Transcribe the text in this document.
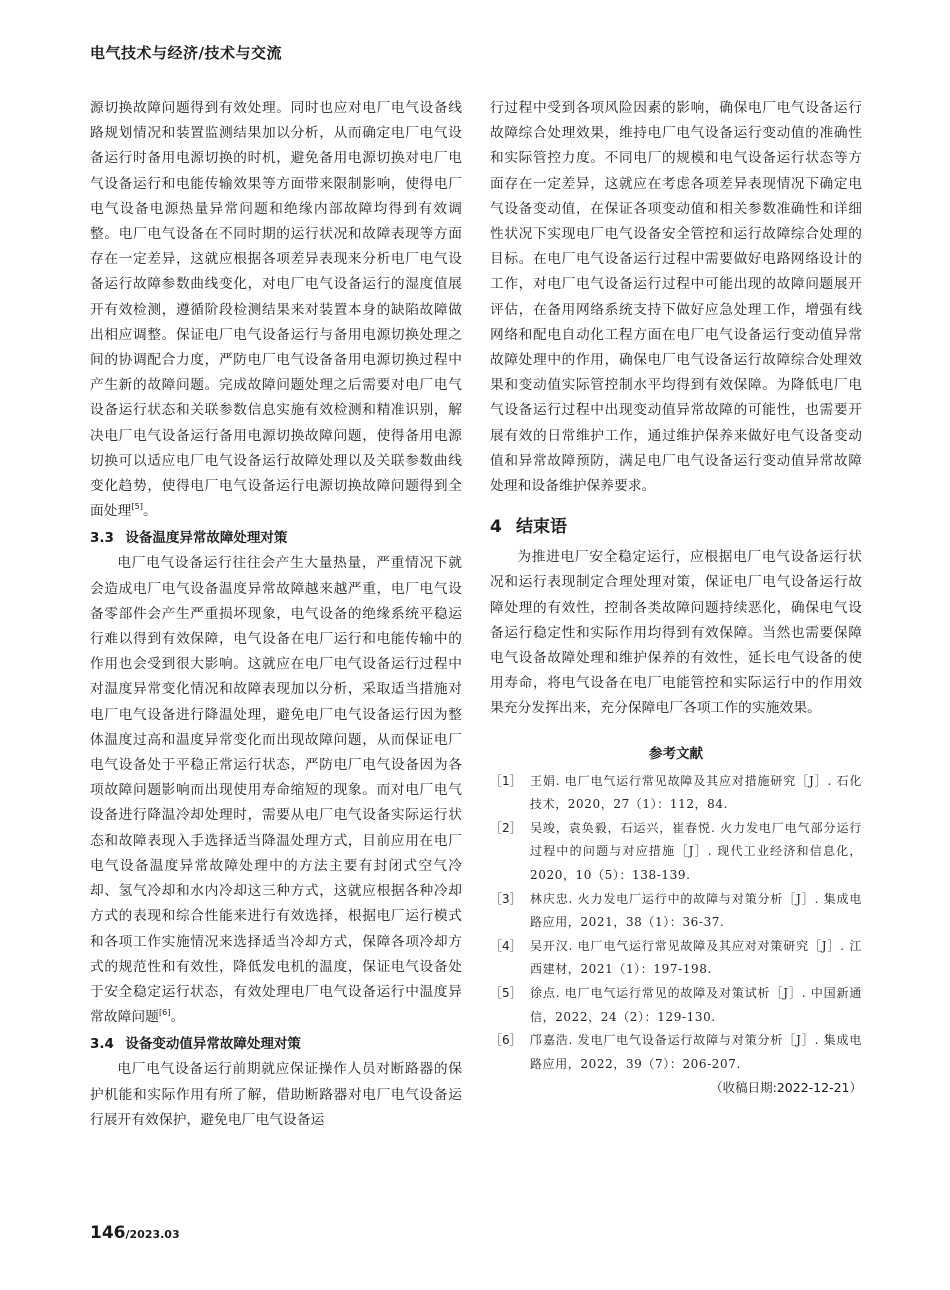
电气技术与经济/技术与交流

源切换故障问题得到有效处理。同时也应对电厂电气设备线路规划情况和装置监测结果加以分析，从而确定电厂电气设备运行时备用电源切换的时机，避免备用电源切换对电厂电气设备运行和电能传输效果等方面带来限制影响，使得电厂电气设备电源热量异常问题和绝缘内部故障均得到有效调整。电厂电气设备在不同时期的运行状况和故障表现等方面存在一定差异，这就应根据各项差异表现来分析电厂电气设备运行故障参数曲线变化，对电厂电气设备运行的湿度值展开有效检测，遵循阶段检测结果来对装置本身的缺陷故障做出相应调整。保证电厂电气设备运行与备用电源切换处理之间的协调配合力度，严防电厂电气设备备用电源切换过程中产生新的故障问题。完成故障问题处理之后需要对电厂电气设备运行状态和关联参数信息实施有效检测和精准识别，解决电厂电气设备运行备用电源切换故障问题，使得备用电源切换可以适应电厂电气设备运行故障处理以及关联参数曲线变化趋势，使得电厂电气设备运行电源切换故障问题得到全面处理[5]。

3.3 设备温度异常故障处理对策

电厂电气设备运行往往会产生大量热量，严重情况下就会造成电厂电气设备温度异常故障越来越严重，电厂电气设备零部件会产生严重损坏现象，电气设备的绝缘系统平稳运行难以得到有效保障，电气设备在电厂运行和电能传输中的作用也会受到很大影响。这就应在电厂电气设备运行过程中对温度异常变化情况和故障表现加以分析，采取适当措施对电厂电气设备进行降温处理，避免电厂电气设备运行因为整体温度过高和温度异常变化而出现故障问题，从而保证电厂电气设备处于平稳正常运行状态，严防电厂电气设备因为各项故障问题影响而出现使用寿命缩短的现象。而对电厂电气设备进行降温冷却处理时，需要从电厂电气设备实际运行状态和故障表现入手选择适当降温处理方式，目前应用在电厂电气设备温度异常故障处理中的方法主要有封闭式空气冷却、氢气冷却和水内冷却这三种方式，这就应根据各种冷却方式的表现和综合性能来进行有效选择，根据电厂运行模式和各项工作实施情况来选择适当冷却方式，保障各项冷却方式的规范性和有效性，降低发电机的温度，保证电气设备处于安全稳定运行状态，有效处理电厂电气设备运行中温度异常故障问题[6]。

3.4 设备变动值异常故障处理对策

电厂电气设备运行前期就应保证操作人员对断路器的保护机能和实际作用有所了解，借助断路器对电厂电气设备运行展开有效保护，避免电厂电气设备运

行过程中受到各项风险因素的影响，确保电厂电气设备运行故障综合处理效果，维持电厂电气设备运行变动值的准确性和实际管控力度。不同电厂的规模和电气设备运行状态等方面存在一定差异，这就应在考虑各项差异表现情况下确定电气设备变动值，在保证各项变动值和相关参数准确性和详细性状况下实现电厂电气设备安全管控和运行故障综合处理的目标。在电厂电气设备运行过程中需要做好电路网络设计的工作，对电厂电气设备运行过程中可能出现的故障问题展开评估，在备用网络系统支持下做好应急处理工作，增强有线网络和配电自动化工程方面在电厂电气设备运行变动值异常故障处理中的作用，确保电厂电气设备运行故障综合处理效果和变动值实际管控制水平均得到有效保障。为降低电厂电气设备运行过程中出现变动值异常故障的可能性，也需要开展有效的日常维护工作，通过维护保养来做好电气设备变动值和异常故障预防，满足电厂电气设备运行变动值异常故障处理和设备维护保养要求。

4 结束语

为推进电厂安全稳定运行，应根据电厂电气设备运行状况和运行表现制定合理处理对策，保证电厂电气设备运行故障处理的有效性，控制各类故障问题持续恶化，确保电气设备运行稳定性和实际作用均得到有效保障。当然也需要保障电气设备故障处理和维护保养的有效性，延长电气设备的使用寿命，将电气设备在电厂电能管控和实际运行中的作用效果充分发挥出来，充分保障电厂各项工作的实施效果。

参考文献
［1］ 王娟. 电厂电气运行常见故障及其应对措施研究［J］. 石化技术，2020，27（1）：112，84.
［2］ 吴竣，袁奂毅，石运兴，崔春悦. 火力发电厂电气部分运行过程中的问题与对应措施［J］. 现代工业经济和信息化，2020，10（5）：138-139.
［3］ 林庆忠. 火力发电厂运行中的故障与对策分析［J］. 集成电路应用，2021，38（1）：36-37.
［4］ 吴开汉. 电厂电气运行常见故障及其应对对策研究［J］. 江西建材，2021（1）：197-198.
［5］ 徐点. 电厂电气运行常见的故障及对策试析［J］. 中国新通信，2022，24（2）：129-130.
［6］ 邝嘉浩. 发电厂电气设备运行故障与对策分析［J］. 集成电路应用，2022，39（7）：206-207.
（收稿日期:2022-12-21）
146/2023.03
